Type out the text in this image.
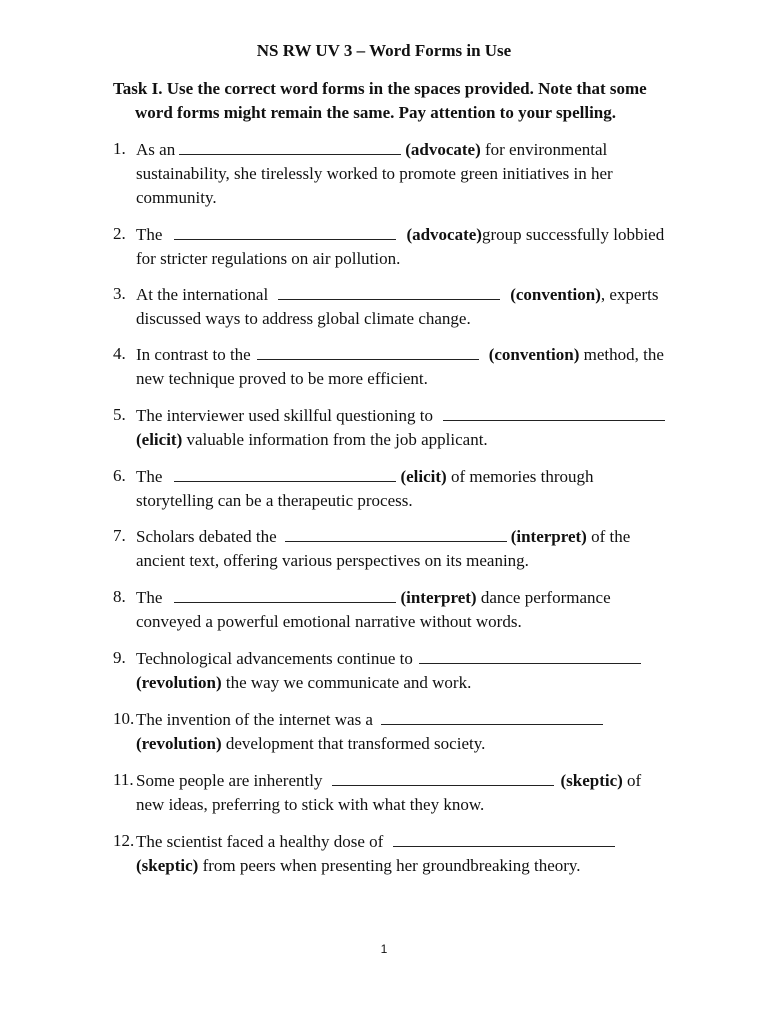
NS RW UV 3 – Word Forms in Use
Task I. Use the correct word forms in the spaces provided. Note that some
word forms might remain the same. Pay attention to your spelling.
1. As an	(advocate) for environmental
sustainability, she tirelessly worked to promote green initiatives in her
community.
2. The	(advocate)group successfully lobbied
for stricter regulations on air pollution.
3. At the international	(convention), experts
discussed ways to address global climate change.
4. In contrast to the	(convention) method, the
new technique proved to be more efficient.
5. The interviewer used skillful questioning to
(elicit) valuable information from the job applicant.
6. The	(elicit) of memories through
storytelling can be a therapeutic process.
7. Scholars debated the	(interpret) of the
ancient text, offering various perspectives on its meaning.
8. The	(interpret) dance performance
conveyed a powerful emotional narrative without words.
9. Technological advancements continue to
(revolution) the way we communicate and work.
10. The invention of the internet was a
(revolution) development that transformed society.
11. Some people are inherently	(skeptic) of
new ideas, preferring to stick with what they know.
12. The scientist faced a healthy dose of
(skeptic) from peers when presenting her groundbreaking theory.
1
